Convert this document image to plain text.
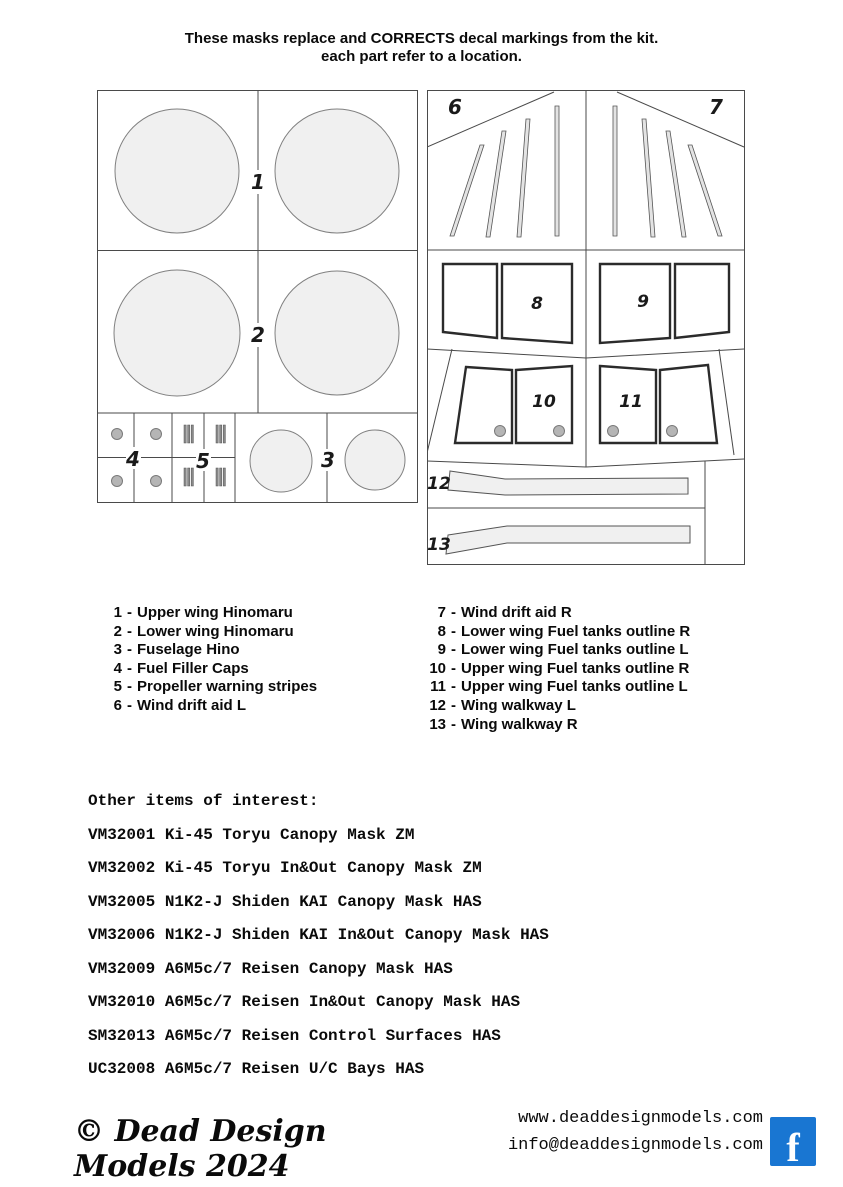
These masks replace and CORRECTS decal markings from the kit.
each part refer to a location.
1
2
4	5	3
6	7
8	9
10	11
12
13
1 - Upper wing Hinomaru
2 - Lower wing Hinomaru
3 - Fuselage Hino
4 - Fuel Filler Caps
5 - Propeller warning stripes
6 - Wind drift aid L
7 - Wind drift aid R
8 - Lower wing Fuel tanks outline R
9 - Lower wing Fuel tanks outline L
10 - Upper wing Fuel tanks outline R
11 - Upper wing Fuel tanks outline L
12 - Wing walkway L
13 - Wing walkway R
Other items of interest:
VM32001 Ki-45 Toryu Canopy Mask ZM
VM32002 Ki-45 Toryu In&Out Canopy Mask ZM
VM32005 N1K2-J Shiden KAI Canopy Mask HAS
VM32006 N1K2-J Shiden KAI In&Out Canopy Mask HAS
VM32009 A6M5c/7 Reisen Canopy Mask HAS
VM32010 A6M5c/7 Reisen In&Out Canopy Mask HAS
SM32013 A6M5c/7 Reisen Control Surfaces HAS
UC32008 A6M5c/7 Reisen U/C Bays HAS
© Dead Design Models 2024
www.deaddesignmodels.com
info@deaddesignmodels.com f
